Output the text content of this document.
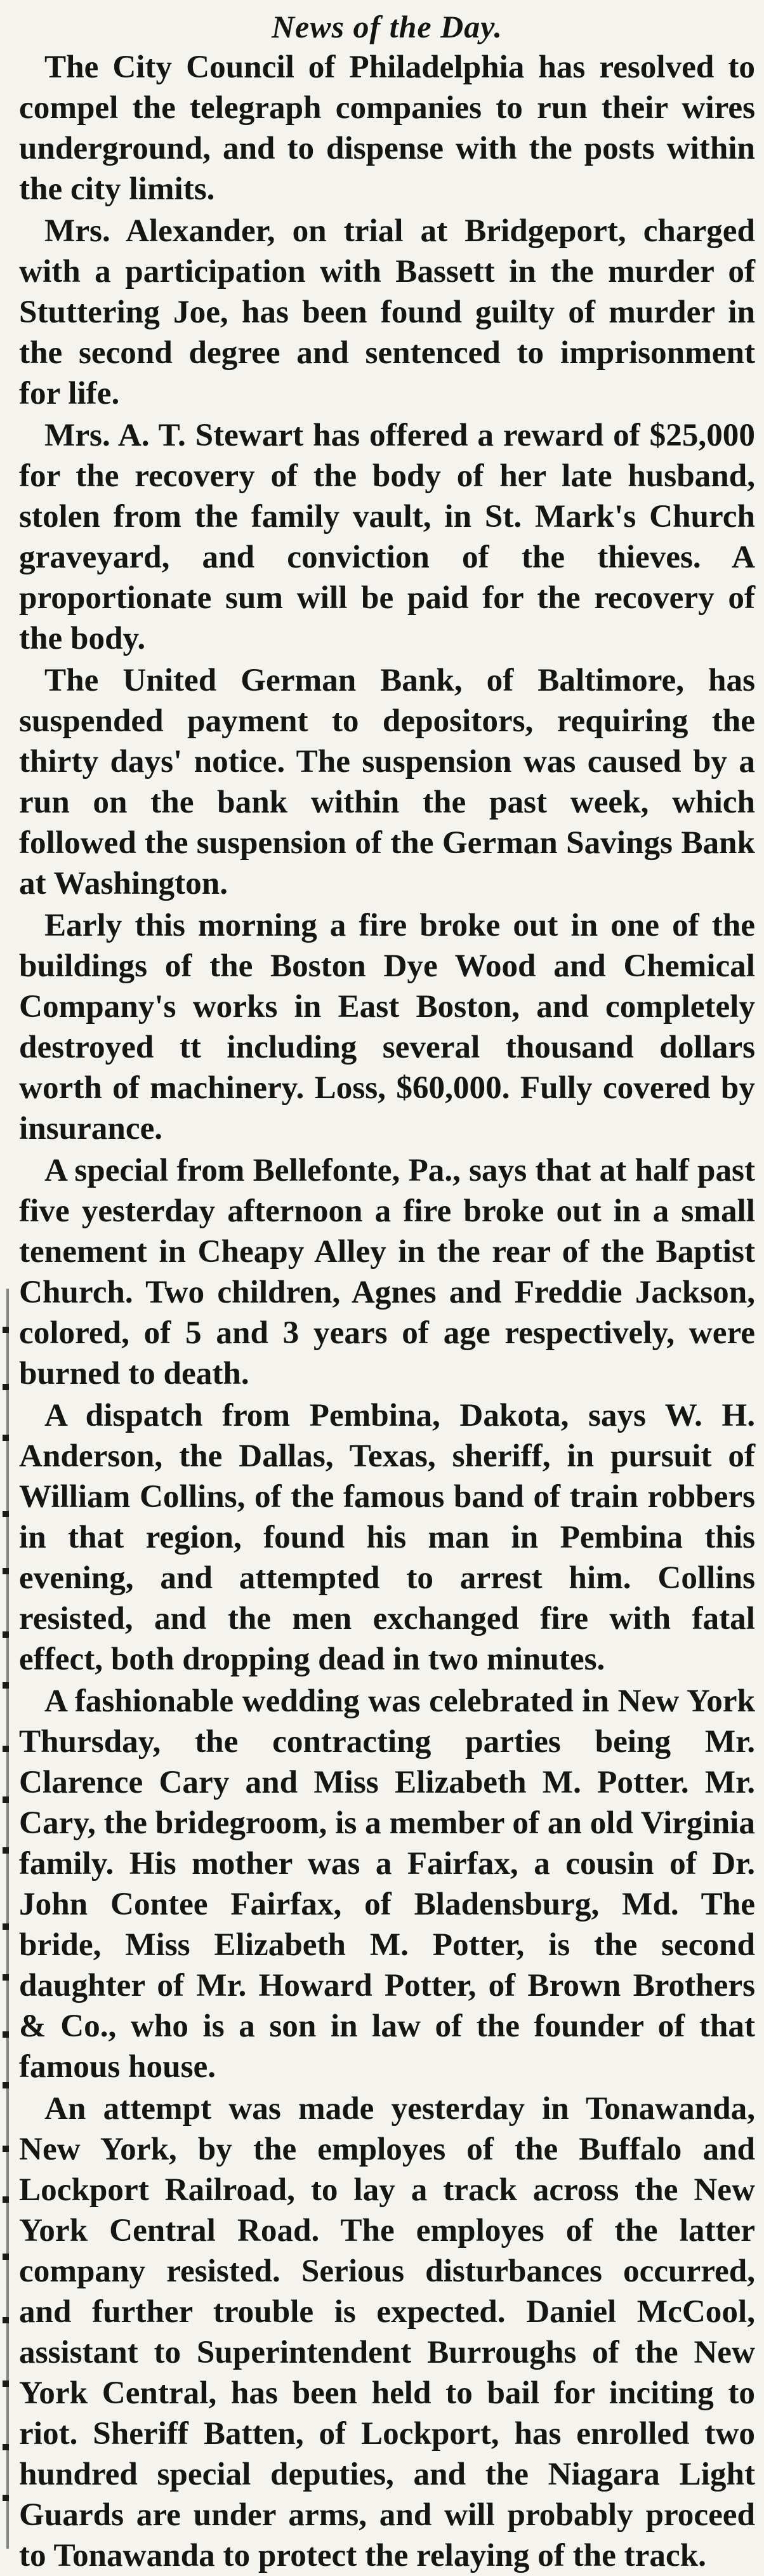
News of the Day.

The City Council of Philadelphia has resolved to compel the telegraph companies to run their wires underground, and to dispense with the posts within the city limits.

Mrs. Alexander, on trial at Bridgeport, charged with a participation with Bassett in the murder of Stuttering Joe, has been found guilty of murder in the second degree and sentenced to imprisonment for life.

Mrs. A. T. Stewart has offered a reward of $25,000 for the recovery of the body of her late husband, stolen from the family vault, in St. Mark's Church graveyard, and conviction of the thieves. A proportionate sum will be paid for the recovery of the body.

The United German Bank, of Baltimore, has suspended payment to depositors, requiring the thirty days' notice. The suspension was caused by a run on the bank within the past week, which followed the suspension of the German Savings Bank at Washington.

Early this morning a fire broke out in one of the buildings of the Boston Dye Wood and Chemical Company's works in East Boston, and completely destroyed tt including several thousand dollars worth of machinery. Loss, $60,000. Fully covered by insurance.

A special from Bellefonte, Pa., says that at half past five yesterday afternoon a fire broke out in a small tenement in Cheapy Alley in the rear of the Baptist Church. Two children, Agnes and Freddie Jackson, colored, of 5 and 3 years of age respectively, were burned to death.

A dispatch from Pembina, Dakota, says W. H. Anderson, the Dallas, Texas, sheriff, in pursuit of William Collins, of the famous band of train robbers in that region, found his man in Pembina this evening, and attempted to arrest him. Collins resisted, and the men exchanged fire with fatal effect, both dropping dead in two minutes.

A fashionable wedding was celebrated in New York Thursday, the contracting parties being Mr. Clarence Cary and Miss Elizabeth M. Potter. Mr. Cary, the bridegroom, is a member of an old Virginia family. His mother was a Fairfax, a cousin of Dr. John Contee Fairfax, of Bladensburg, Md. The bride, Miss Elizabeth M. Potter, is the second daughter of Mr. Howard Potter, of Brown Brothers & Co., who is a son in law of the founder of that famous house.

An attempt was made yesterday in Tonawanda, New York, by the employes of the Buffalo and Lockport Railroad, to lay a track across the New York Central Road. The employes of the latter company resisted. Serious disturbances occurred, and further trouble is expected. Daniel McCool, assistant to Superintendent Burroughs of the New York Central, has been held to bail for inciting to riot. Sheriff Batten, of Lockport, has enrolled two hundred special deputies, and the Niagara Light Guards are under arms, and will probably proceed to Tonawanda to protect the relaying of the track.
